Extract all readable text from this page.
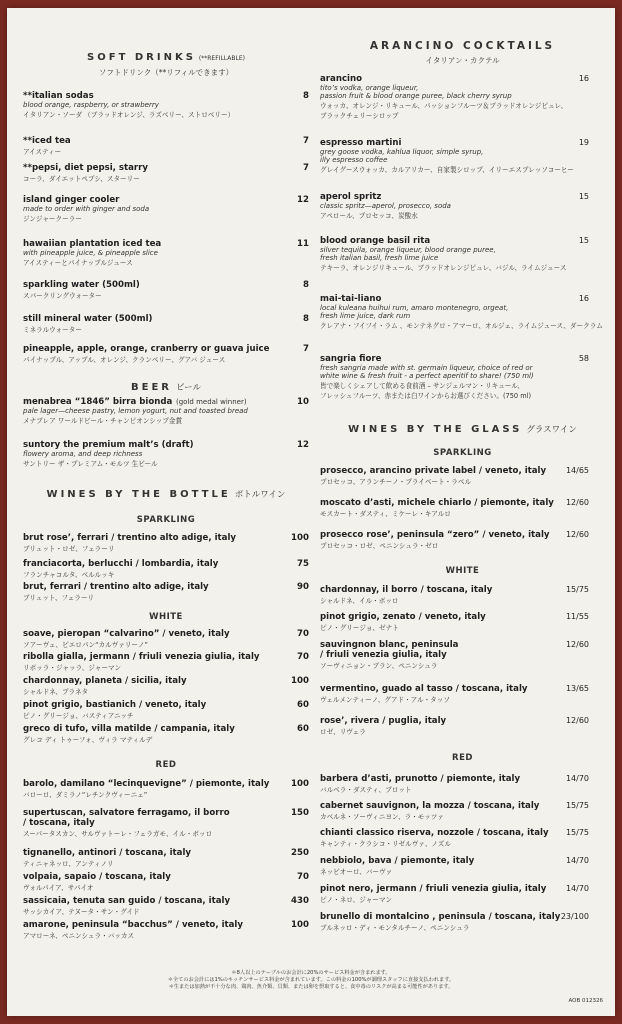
SOFT DRINKS (**REFILLABLE)
ソフトドリンク（**リフィルできます）
**italian sodas
blood orange, raspberry, or strawberry
イタリアン・ソーダ （ブラッドオレンジ、ラズベリー、ストロベリー）
8
**iced tea
アイスティー
7
**pepsi, diet pepsi, starry
コーラ、ダイエットペプシ、スターリー
7
island ginger cooler
made to order with ginger and soda
ジンジャークーラー
12
hawaiian plantation iced tea
with pineapple juice, & pineapple slice
アイスティーとパイナップルジュース
11
sparkling water (500ml)
スパークリングウォーター
8
still mineral water (500ml)
ミネラルウォーター
8
pineapple, apple, orange, cranberry or guava juice
パイナップル、アップル、オレンジ、クランベリー、グアバ ジュース
7
BEER ビール
menabrea “1846” birra bionda (gold medal winner)
pale lager—cheese pastry, lemon yogurt, nut and toasted bread
メナブレア ワールドビール・チャンピオンシップ金賞
10
suntory the premium malt’s (draft)
flowery aroma, and deep richness
サントリー ザ・プレミアム・モルツ 生ビール
12
WINES BY THE BOTTLE ボトルワイン
SPARKLING
brut rose’, ferrari / trentino alto adige, italy
ブリュット・ロゼ、フェラーリ
100
franciacorta, berlucchi / lombardia, italy
フランチャコルタ、ベルルッキ
75
brut, ferrari / trentino alto adige, italy
ブリュット、フェラーリ
90
WHITE
soave, pieropan “calvarino” / veneto, italy
ソアーヴェ、ピエロパン“カルヴァリーノ”
70
ribolla gialla, jermann / friuli venezia giulia, italy
リボッラ・ジャッラ、ジャーマン
70
chardonnay, planeta / sicilia, italy
シャルドネ、プラネタ
100
pinot grigio, bastianich / veneto, italy
ピノ・グリージョ、バスティアニッチ
60
greco di tufo, villa matilde / campania, italy
グレコ ディ トゥーフォ、ヴィラ マティルデ
60
RED
barolo, damilano “lecinquevigne” / piemonte, italy
バローロ、ダミラノ“レチンクヴィーニェ”
100
supertuscan, salvatore ferragamo, il borro
/ toscana, italy
スーパータスカン、サルヴァトーレ・フェラガモ、イル・ボッロ
150
tignanello, antinori / toscana, italy
ティニャネッロ、アンティノリ
250
volpaia, sapaio / toscana, italy
ヴォルパイア、サパイオ
70
sassicaia, tenuta san guido / toscana, italy
サッシカイア、テヌータ・サン・グイド
430
amarone, peninsula “bacchus” / veneto, italy
アマローネ、ペニンシュラ・バッカス
100
ARANCINO COCKTAILS
イタリアン・カクテル
arancino
tito’s vodka, orange liqueur,
passion fruit & blood orange puree, black cherry syrup
ウォッカ、オレンジ・リキュール、パッションフルーツ＆ブラッドオレンジピュレ、
ブラックチェリーシロップ
16
espresso martini
grey goose vodka, kahlua liquor, simple syrup,
illy espresso coffee
グレイグースウォッカ、カルアリカー、自家製シロップ、イリーエスプレッソコーヒー
19
aperol spritz
classic spritz—aperol, prosecco, soda
アペロール、プロセッコ、炭酸水
15
blood orange basil rita
silver tequila, orange liqueur, blood orange puree,
fresh italian basil, fresh lime juice
テキーラ、オレンジリキュール、ブラッドオレンジピュレ、バジル、ライムジュース
15
mai-tai-liano
local kuleana huihui rum, amaro montenegro, orgeat,
fresh lime juice, dark rum
クレアナ・フイフイ・ラム 、モンテネグロ・アマーロ、オルジェ、ライムジュース、ダークラム
16
sangria fiore
fresh sangria made with st. germain liqueur, choice of red or
white wine & fresh fruit - a perfect aperitif to share! (750 ml)
皆で楽しくシェアして飲める食前酒 – サンジェルマン・リキュール、
フレッシュフルーツ、赤または白ワインからお選びください。(750 ml)
58
WINES BY THE GLASS グラスワイン
SPARKLING
prosecco, arancino private label / veneto, italy
プロセッコ、アランチーノ・プライベート・ラベル
14/65
moscato d’asti, michele chiarlo / piemonte, italy
モスカート・ダスティ、ミケーレ・キアルロ
12/60
prosecco rose’, peninsula “zero” / veneto, italy
プロセッコ・ロゼ、ペニンシュラ・ゼロ
12/60
WHITE
chardonnay, il borro / toscana, italy
シャルドネ、イル・ボッロ
15/75
pinot grigio, zenato / veneto, italy
ピノ・グリージョ、ゼナト
11/55
sauvingnon blanc, peninsula
/ friuli venezia giulia, italy
ソーヴィニョン・ブラン、ペニンシュラ
12/60
vermentino, guado al tasso / toscana, italy
ヴェルメンティーノ、グアド・アル・タッソ
13/65
rose’, rivera / puglia, italy
ロゼ、リヴェラ
12/60
RED
barbera d’asti, prunotto / piemonte, italy
バルベラ・ダスティ、プロット
14/70
cabernet sauvignon, la mozza / toscana, italy
カベルネ・ソーヴィニヨン、ラ・モッツァ
15/75
chianti classico riserva, nozzole / toscana, italy
キャンティ・クラシコ・リゼルヴァ、ノズル
15/75
nebbiolo, bava / piemonte, italy
ネッビオーロ、バーヴァ
14/70
pinot nero, jermann / friuli venezia giulia, italy
ピノ・ネロ、ジャーマン
14/70
brunello di montalcino , peninsula / toscana, italy
ブルネッロ・ディ・モンタルチーノ、ペニンシュラ
23/100
＊8人以上のテーブルのお会計に20%のサービス料金が含まれます。
＊全てのお会計には1%のキッチンサービス料金が含まれています。この料金の100%が調理スタッフに直接支払われます。
＊生または加熱が不十分な肉、鶏肉、魚介類、貝類、または卵を摂取すると、食中毒のリスクが高まる可能性があります。
AOB 012326
